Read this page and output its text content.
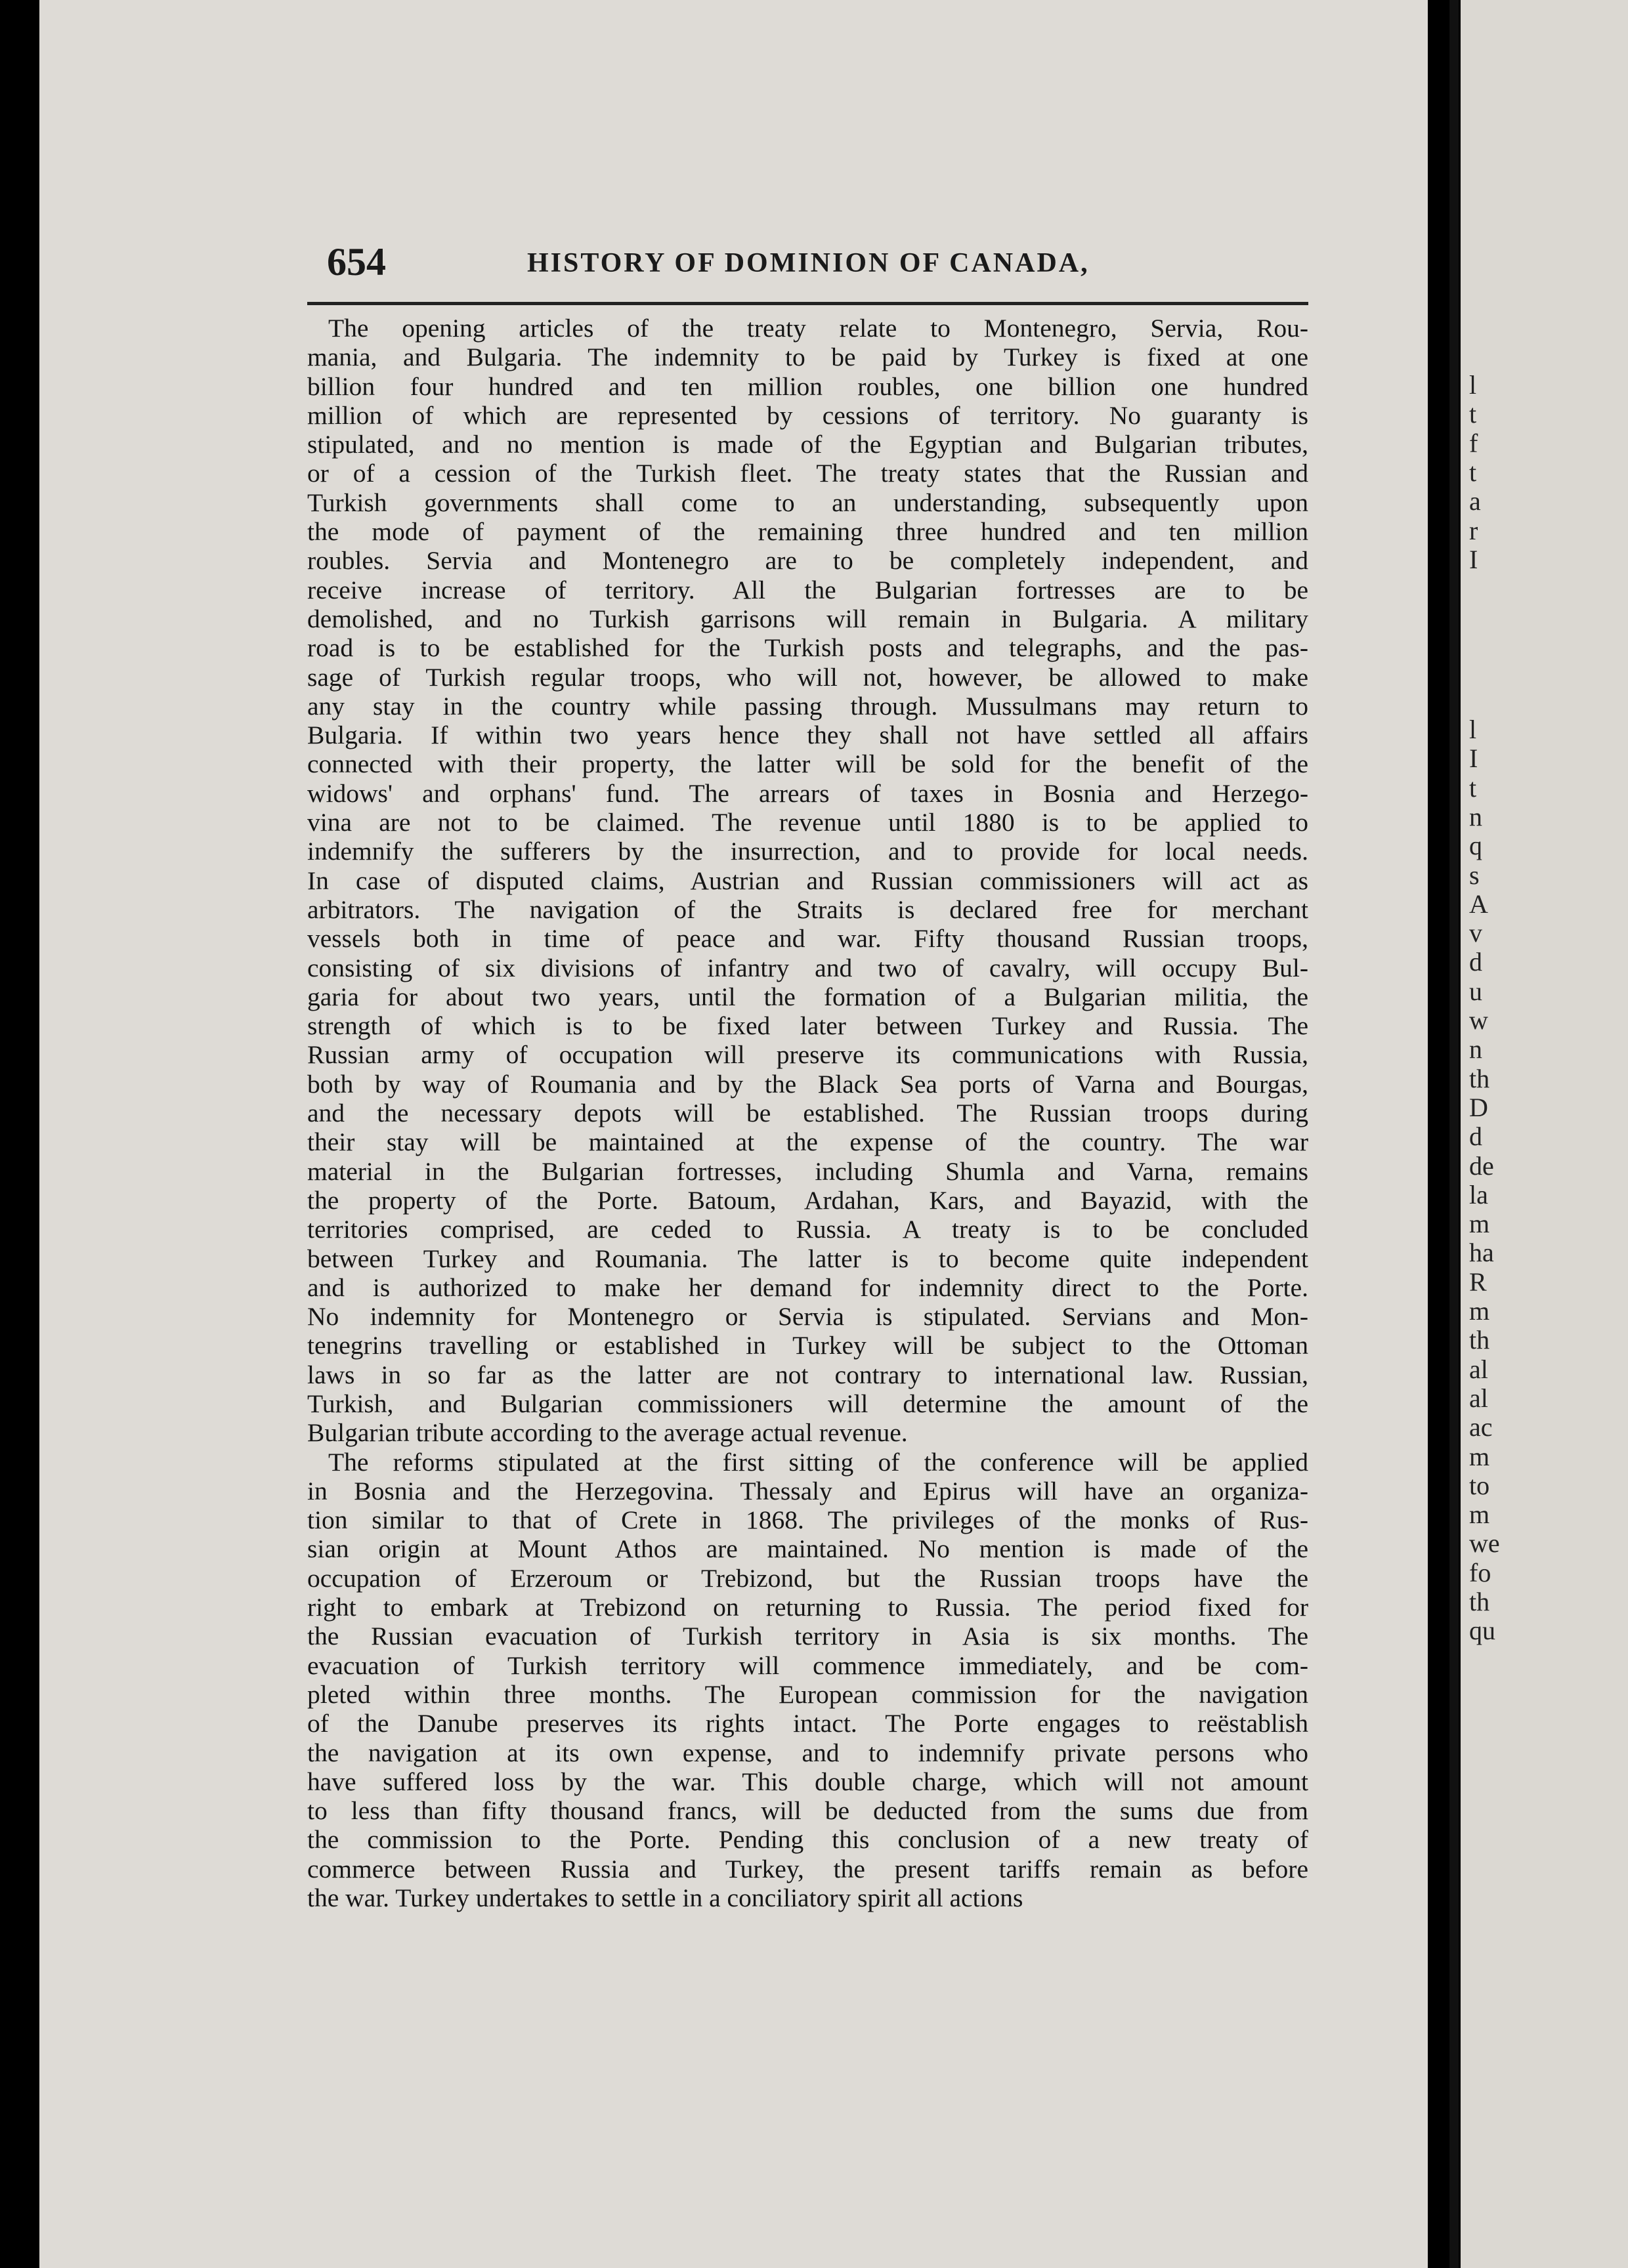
654	HISTORY OF DOMINION OF CANADA,
The opening articles of the treaty relate to Montenegro, Servia, Rou-
mania, and Bulgaria. The indemnity to be paid by Turkey is fixed at one
billion four hundred and ten million roubles, one billion one hundred
million of which are represented by cessions of territory. No guaranty is
stipulated, and no mention is made of the Egyptian and Bulgarian tributes,
or of a cession of the Turkish fleet. The treaty states that the Russian and
Turkish governments shall come to an understanding, subsequently upon
the mode of payment of the remaining three hundred and ten million
roubles. Servia and Montenegro are to be completely independent, and
receive increase of territory. All the Bulgarian fortresses are to be
demolished, and no Turkish garrisons will remain in Bulgaria. A military
road is to be established for the Turkish posts and telegraphs, and the pas-
sage of Turkish regular troops, who will not, however, be allowed to make
any stay in the country while passing through. Mussulmans may return to
Bulgaria. If within two years hence they shall not have settled all affairs
connected with their property, the latter will be sold for the benefit of the
widows' and orphans' fund. The arrears of taxes in Bosnia and Herzego-
vina are not to be claimed. The revenue until 1880 is to be applied to
indemnify the sufferers by the insurrection, and to provide for local needs.
In case of disputed claims, Austrian and Russian commissioners will act as
arbitrators. The navigation of the Straits is declared free for merchant
vessels both in time of peace and war. Fifty thousand Russian troops,
consisting of six divisions of infantry and two of cavalry, will occupy Bul-
garia for about two years, until the formation of a Bulgarian militia, the
strength of which is to be fixed later between Turkey and Russia. The
Russian army of occupation will preserve its communications with Russia,
both by way of Roumania and by the Black Sea ports of Varna and Bourgas,
and the necessary depots will be established. The Russian troops during
their stay will be maintained at the expense of the country. The war
material in the Bulgarian fortresses, including Shumla and Varna, remains
the property of the Porte. Batoum, Ardahan, Kars, and Bayazid, with the
territories comprised, are ceded to Russia. A treaty is to be concluded
between Turkey and Roumania. The latter is to become quite independent
and is authorized to make her demand for indemnity direct to the Porte.
No indemnity for Montenegro or Servia is stipulated. Servians and Mon-
tenegrins travelling or established in Turkey will be subject to the Ottoman
laws in so far as the latter are not contrary to international law. Russian,
Turkish, and Bulgarian commissioners will determine the amount of the
Bulgarian tribute according to the average actual revenue.
The reforms stipulated at the first sitting of the conference will be applied
in Bosnia and the Herzegovina. Thessaly and Epirus will have an organiza-
tion similar to that of Crete in 1868. The privileges of the monks of Rus-
sian origin at Mount Athos are maintained. No mention is made of the
occupation of Erzeroum or Trebizond, but the Russian troops have the
right to embark at Trebizond on returning to Russia. The period fixed for
the Russian evacuation of Turkish territory in Asia is six months. The
evacuation of Turkish territory will commence immediately, and be com-
pleted within three months. The European commission for the navigation
of the Danube preserves its rights intact. The Porte engages to reëstablish
the navigation at its own expense, and to indemnify private persons who
have suffered loss by the war. This double charge, which will not amount
to less than fifty thousand francs, will be deducted from the sums due from
the commission to the Porte. Pending this conclusion of a new treaty of
commerce between Russia and Turkey, the present tariffs remain as before
the war. Turkey undertakes to settle in a conciliatory spirit all actions
l
t
f
t
a
r
I
l
I
t
n
q
s
A
v
d
u
w
n
th
D
d
de
la
m
ha
R
m
th
al
al
ac
m
to
m
we
fo
th
qu
